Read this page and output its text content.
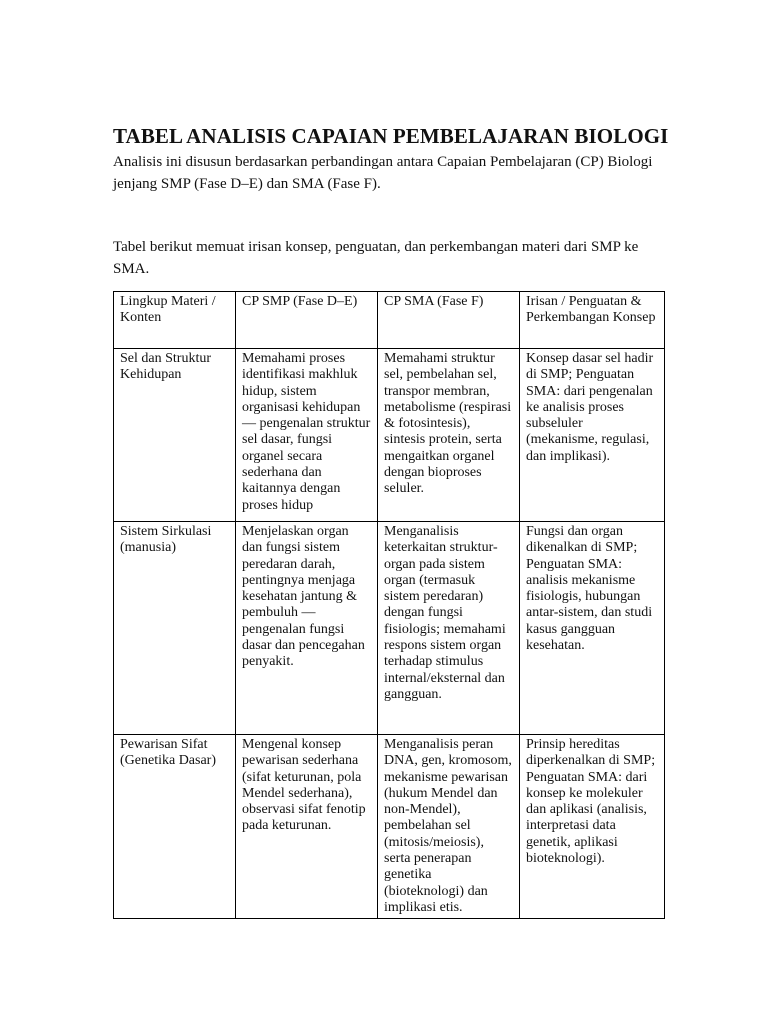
TABEL ANALISIS CAPAIAN PEMBELAJARAN BIOLOGI

Analisis ini disusun berdasarkan perbandingan antara Capaian Pembelajaran (CP) Biologi jenjang SMP (Fase D–E) dan SMA (Fase F).

Tabel berikut memuat irisan konsep, penguatan, dan perkembangan materi dari SMP ke SMA.

Lingkup Materi / Konten	CP SMP (Fase D–E)	CP SMA (Fase F)	Irisan / Penguatan & Perkembangan Konsep
Sel dan Struktur Kehidupan	Memahami proses identifikasi makhluk hidup, sistem organisasi kehidupan — pengenalan struktur sel dasar, fungsi organel secara sederhana dan kaitannya dengan proses hidup	Memahami struktur sel, pembelahan sel, transpor membran, metabolisme (respirasi & fotosintesis), sintesis protein, serta mengaitkan organel dengan bioproses seluler.	Konsep dasar sel hadir di SMP; Penguatan SMA: dari pengenalan ke analisis proses subseluler (mekanisme, regulasi, dan implikasi).
Sistem Sirkulasi (manusia)	Menjelaskan organ dan fungsi sistem peredaran darah, pentingnya menjaga kesehatan jantung & pembuluh — pengenalan fungsi dasar dan pencegahan penyakit.	Menganalisis keterkaitan struktur-organ pada sistem organ (termasuk sistem peredaran) dengan fungsi fisiologis; memahami respons sistem organ terhadap stimulus internal/eksternal dan gangguan.	Fungsi dan organ dikenalkan di SMP; Penguatan SMA: analisis mekanisme fisiologis, hubungan antar-sistem, dan studi kasus gangguan kesehatan.
Pewarisan Sifat (Genetika Dasar)	Mengenal konsep pewarisan sederhana (sifat keturunan, pola Mendel sederhana), observasi sifat fenotip pada keturunan.	Menganalisis peran DNA, gen, kromosom, mekanisme pewarisan (hukum Mendel dan non-Mendel), pembelahan sel (mitosis/meiosis), serta penerapan genetika (bioteknologi) dan implikasi etis.	Prinsip hereditas diperkenalkan di SMP; Penguatan SMA: dari konsep ke molekuler dan aplikasi (analisis, interpretasi data genetik, aplikasi bioteknologi).
